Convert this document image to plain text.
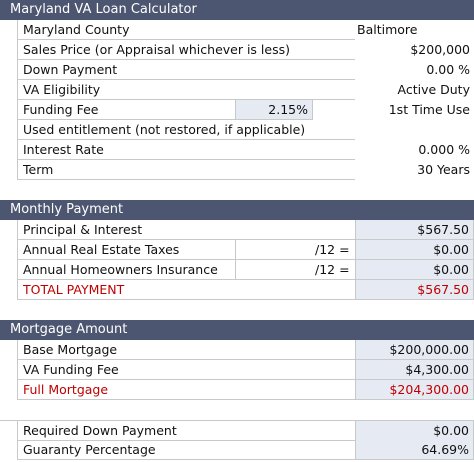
Maryland VA Loan Calculator
Maryland County	Baltimore
Sales Price (or Appraisal whichever is less)	$200,000
Down Payment	0.00 %
VA Eligibility	Active Duty
Funding Fee	2.15%	1st Time Use
Used entitlement (not restored, if applicable)
Interest Rate	0.000 %
Term	30 Years
Monthly Payment
Principal & Interest	$567.50
Annual Real Estate Taxes	/12 =	$0.00
Annual Homeowners Insurance	/12 =	$0.00
TOTAL PAYMENT	$567.50
Mortgage Amount
Base Mortgage	$200,000.00
VA Funding Fee	$4,300.00
Full Mortgage	$204,300.00
Required Down Payment	$0.00
Guaranty Percentage	64.69%
